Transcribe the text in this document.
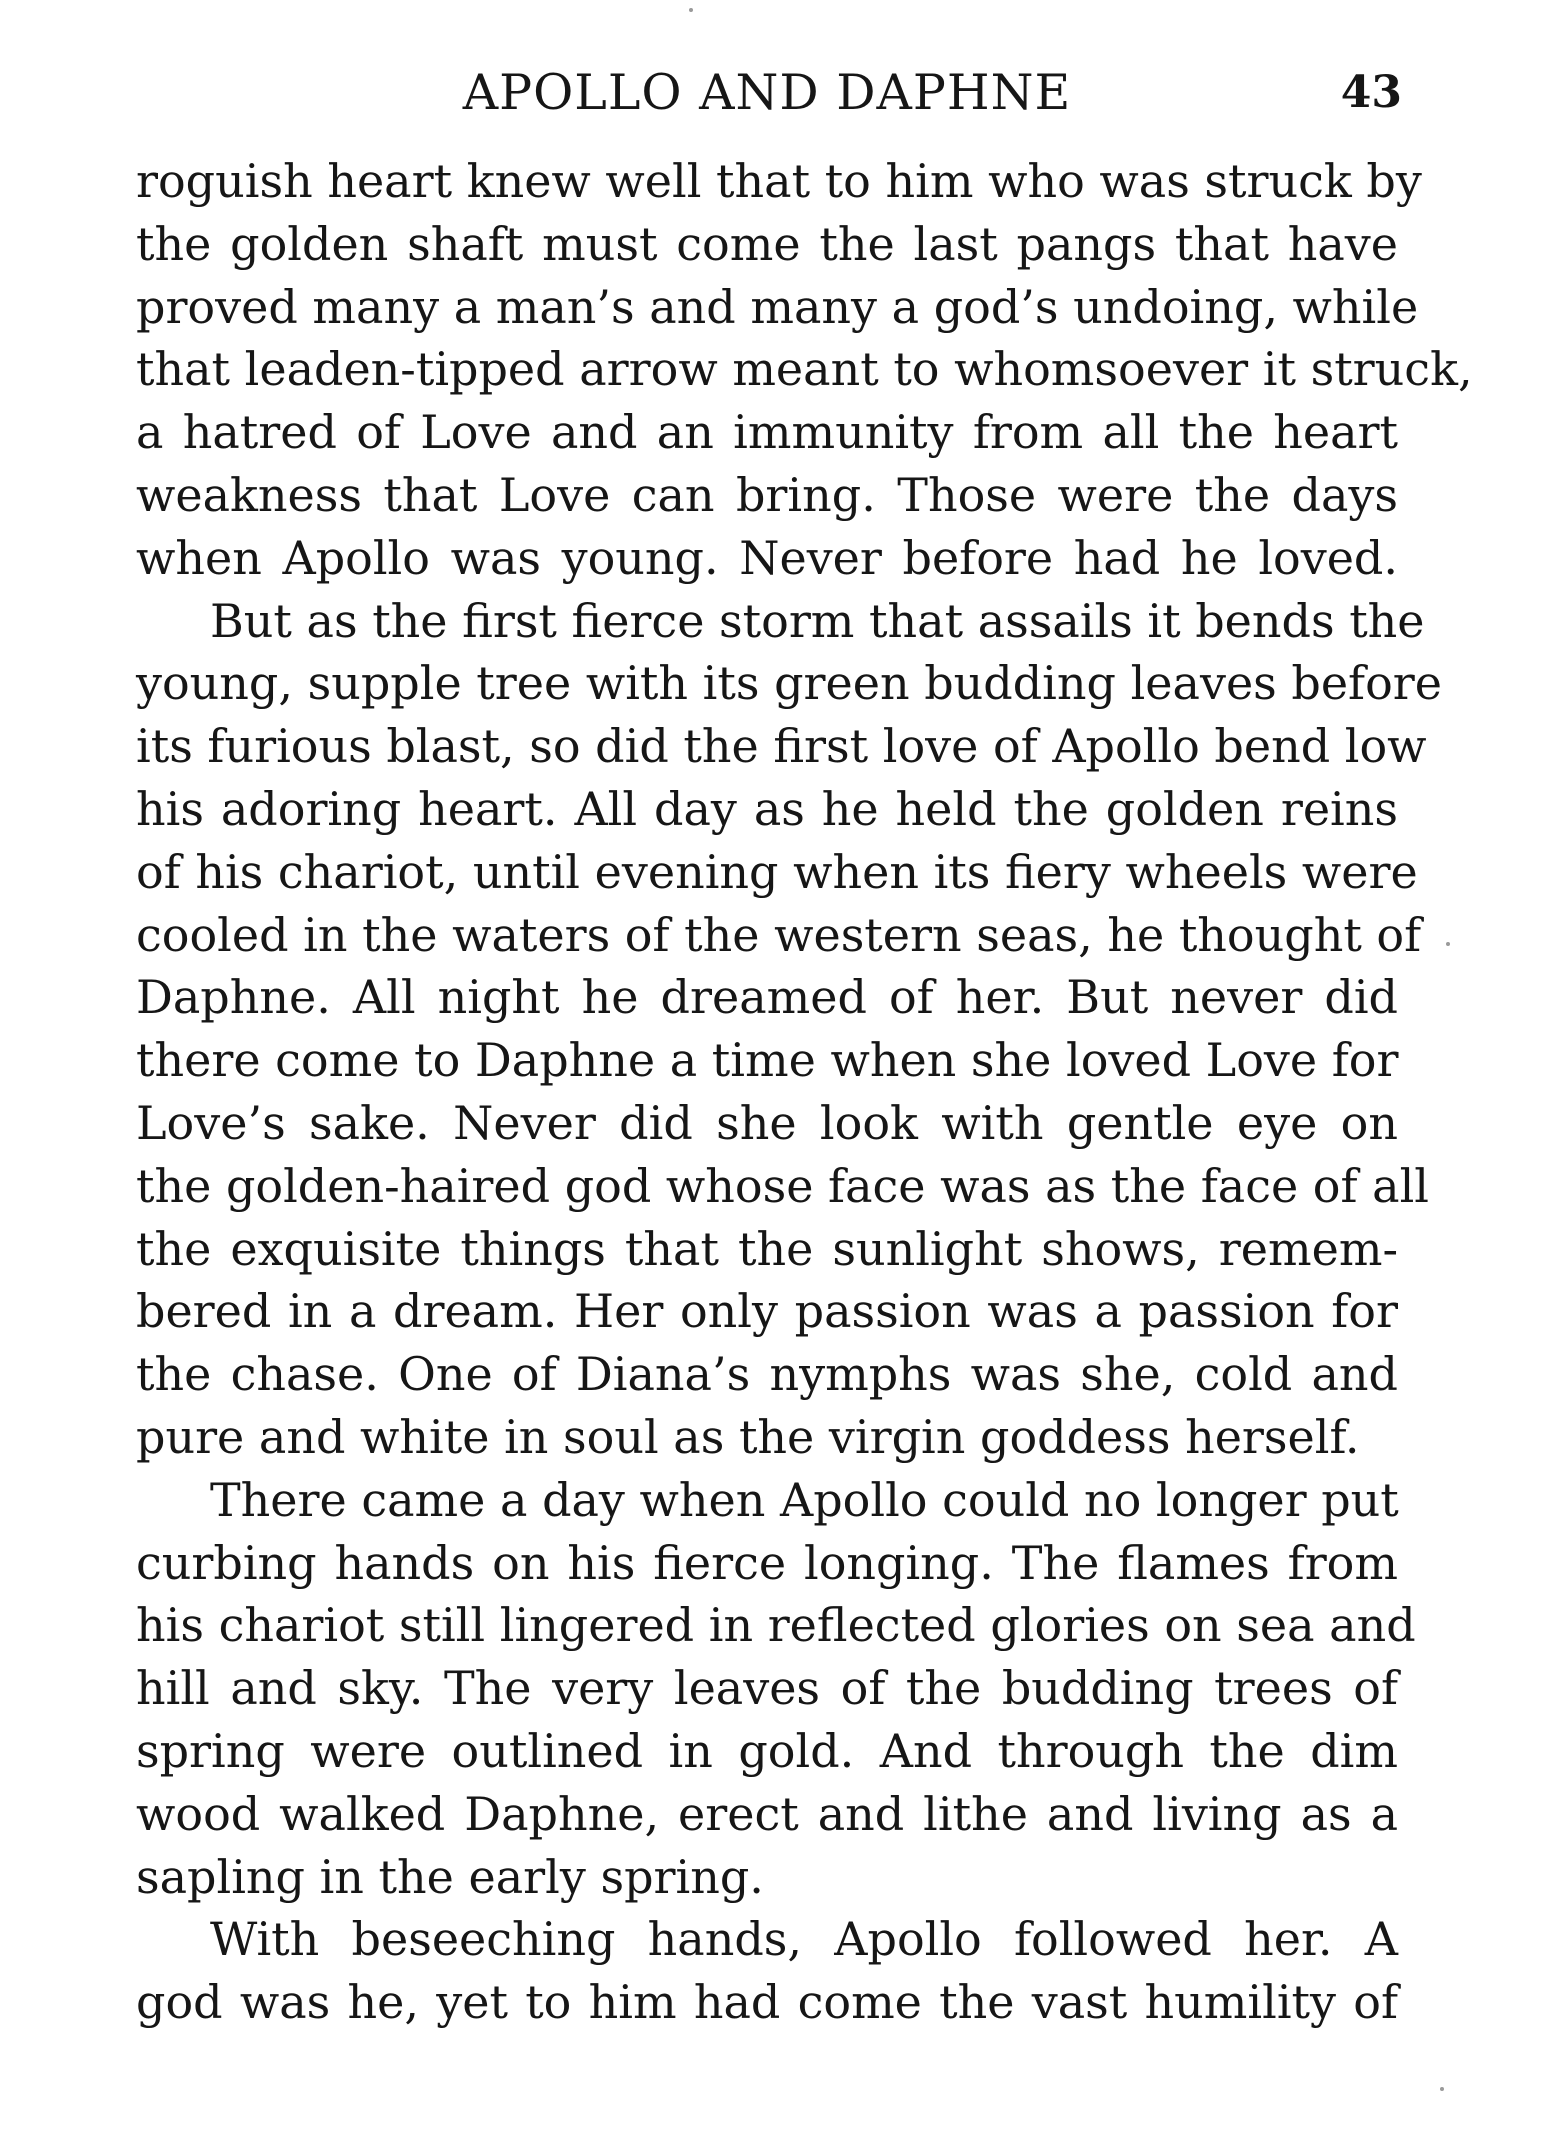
APOLLO AND DAPHNE	43
roguish heart knew well that to him who was struck by
the golden shaft must come the last pangs that have
proved many a man’s and many a god’s undoing, while
that leaden-tipped arrow meant to whomsoever it struck,
a hatred of Love and an immunity from all the heart
weakness that Love can bring. Those were the days
when Apollo was young. Never before had he loved.
But as the first fierce storm that assails it bends the
young, supple tree with its green budding leaves before
its furious blast, so did the first love of Apollo bend low
his adoring heart. All day as he held the golden reins
of his chariot, until evening when its fiery wheels were
cooled in the waters of the western seas, he thought of
Daphne. All night he dreamed of her. But never did
there come to Daphne a time when she loved Love for
Love’s sake. Never did she look with gentle eye on
the golden-haired god whose face was as the face of all
the exquisite things that the sunlight shows, remem-
bered in a dream. Her only passion was a passion for
the chase. One of Diana’s nymphs was she, cold and
pure and white in soul as the virgin goddess herself.
There came a day when Apollo could no longer put
curbing hands on his fierce longing. The flames from
his chariot still lingered in reflected glories on sea and
hill and sky. The very leaves of the budding trees of
spring were outlined in gold. And through the dim
wood walked Daphne, erect and lithe and living as a
sapling in the early spring.
With beseeching hands, Apollo followed her. A
god was he, yet to him had come the vast humility of
